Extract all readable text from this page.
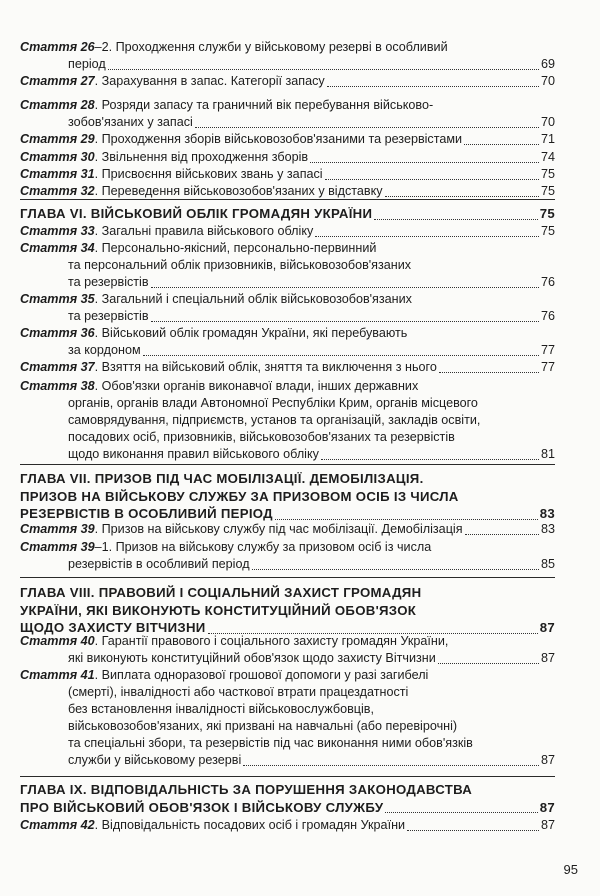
Стаття 26 –2. Проходження служби у військовому резерві в особливий
період	69
Стаття 27 . Зарахування в запас. Категорії запасу	70
Стаття 28 . Розряди запасу та граничний вік перебування військово-
зобов'язаних у запасі	70
Стаття 29 . Проходження зборів військовозобов'язаними та резервістами	71
Стаття 30 . Звільнення від проходження зборів	74
Стаття 31 . Присвоєння військових звань у запасі	75
Стаття 32 . Переведення військовозобов'язаних у відставку	75
ГЛАВА VI. ВІЙСЬКОВИЙ ОБЛІК ГРОМАДЯН УКРАЇНИ	75
Стаття 33 . Загальні правила військового обліку	75
Стаття 34 . Персонально-якісний, персонально-первинний
та персональний облік призовників, військовозобов'язаних
та резервістів	76
Стаття 35 . Загальний і спеціальний облік військовозобов'язаних
та резервістів	76
Стаття 36 . Військовий облік громадян України, які перебувають
за кордоном	77
Стаття 37 . Взяття на військовий облік, зняття та виключення з нього	77
Стаття 38 . Обов'язки органів виконавчої влади, інших державних
органів, органів влади Автономної Республіки Крим, органів місцевого
самоврядування, підприємств, установ та організацій, закладів освіти,
посадових осіб, призовників, військовозобов'язаних та резервістів
щодо виконання правил військового обліку	81
ГЛАВА VII. ПРИЗОВ ПІД ЧАС МОБІЛІЗАЦІЇ. ДЕМОБІЛІЗАЦІЯ.
ПРИЗОВ НА ВІЙСЬКОВУ СЛУЖБУ ЗА ПРИЗОВОМ ОСІБ ІЗ ЧИСЛА
РЕЗЕРВІСТІВ В ОСОБЛИВИЙ ПЕРІОД	83
Стаття 39 . Призов на військову службу під час мобілізації. Демобілізація	83
Стаття 39 –1. Призов на військову службу за призовом осіб із числа
резервістів в особливий період	85
ГЛАВА VIII. ПРАВОВИЙ І СОЦІАЛЬНИЙ ЗАХИСТ ГРОМАДЯН
УКРАЇНИ, ЯКІ ВИКОНУЮТЬ КОНСТИТУЦІЙНИЙ ОБОВ'ЯЗОК
ЩОДО ЗАХИСТУ ВІТЧИЗНИ	87
Стаття 40 . Гарантії правового і соціального захисту громадян України,
які виконують конституційний обов'язок щодо захисту Вітчизни	87
Стаття 41 . Виплата одноразової грошової допомоги у разі загибелі
(смерті), інвалідності або часткової втрати працездатності
без встановлення інвалідності військовослужбовців,
військовозобов'язаних, які призвані на навчальні (або перевірочні)
та спеціальні збори, та резервістів під час виконання ними обов'язків
служби у військовому резерві	87
ГЛАВА IX. ВІДПОВІДАЛЬНІСТЬ ЗА ПОРУШЕННЯ ЗАКОНОДАВСТВА
ПРО ВІЙСЬКОВИЙ ОБОВ'ЯЗОК І ВІЙСЬКОВУ СЛУЖБУ	87
Стаття 42 . Відповідальність посадових осіб і громадян України	87
95
